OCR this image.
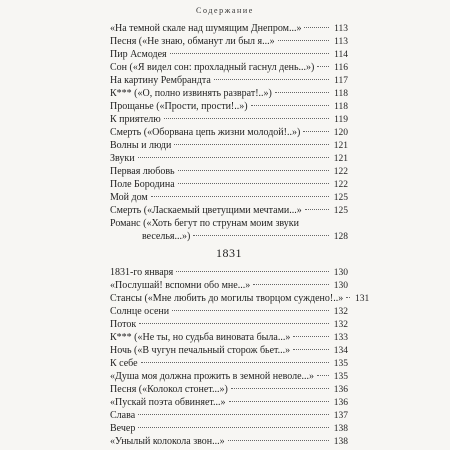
Содержание
«На темной скале над шумящим Днепром...»	113
Песня («Не знаю, обманут ли был я...»	113
Пир Асмодея	114
Сон («Я видел сон: прохладный гаснул день...») 116
На картину Рембрандта	117
К*** («О, полно извинять разврат!..»)	118
Прощанье («Прости, прости!..»)	118
К приятелю	119
Смерть («Оборвана цепь жизни молодой!..»)	120
Волны и люди	121
Звуки	121
Первая любовь	122
Поле Бородина	122
Мой дом	125
Смерть («Ласкаемый цветущими мечтами...»	125
Романс («Хоть бегут по струнам моим звуки
веселья...»)	128
1831
1831-го января	130
«Послушай! вспомни обо мне...»	130
Стансы («Мне любить до могилы творцом суждено!..» 131
Солнце осени	132
Поток	132
К*** («Не ты, но судьба виновата была...»	133
Ночь («В чугун печальный сторож бьет...»	134
К себе	135
«Душа моя должна прожить в земной неволе...» 135
Песня («Колокол стонет...»)	136
«Пускай поэта обвиняет...»	136
Слава	137
Вечер	138
«Унылый колокола звон...»	138
